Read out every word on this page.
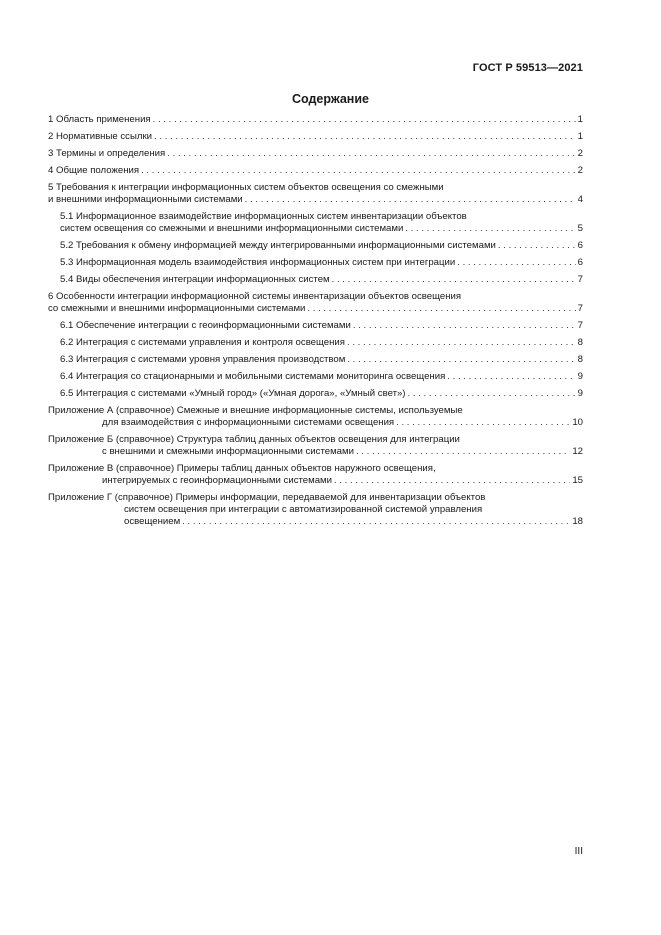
ГОСТ Р 59513—2021
Содержание
1 Область применения . . .	1
2 Нормативные ссылки . . .	1
3 Термины и определения . . .	2
4 Общие положения . . .	2
5 Требования к интеграции информационных систем объектов освещения со смежными
и внешними информационными системами . . .	4
5.1 Информационное взаимодействие информационных систем инвентаризации объектов
систем освещения со смежными и внешними информационными системами . . .	5
5.2 Требования к обмену информацией между интегрированными информационными системами . . .	6
5.3 Информационная модель взаимодействия информационных систем при интеграции . . .	6
5.4 Виды обеспечения интеграции информационных систем . . .	7
6 Особенности интеграции информационной системы инвентаризации объектов освещения
со смежными и внешними информационными системами . . .	7
6.1 Обеспечение интеграции с геоинформационными системами . . .	7
6.2 Интеграция с системами управления и контроля освещения . . .	8
6.3 Интеграция с системами уровня управления производством . . .	8
6.4 Интеграция со стационарными и мобильными системами мониторинга освещения . . .	9
6.5 Интеграция с системами «Умный город» («Умная дорога», «Умный свет») . . .	9
Приложение А (справочное) Смежные и внешние информационные системы, используемые
для взаимодействия с информационными системами освещения . . .	10
Приложение Б (справочное) Структура таблиц данных объектов освещения для интеграции
с внешними и смежными информационными системами . . .	12
Приложение В (справочное) Примеры таблиц данных объектов наружного освещения,
интегрируемых с геоинформационными системами . . .	15
Приложение Г (справочное) Примеры информации, передаваемой для инвентаризации объектов
систем освещения при интеграции с автоматизированной системой управления
освещением . . .	18
III
